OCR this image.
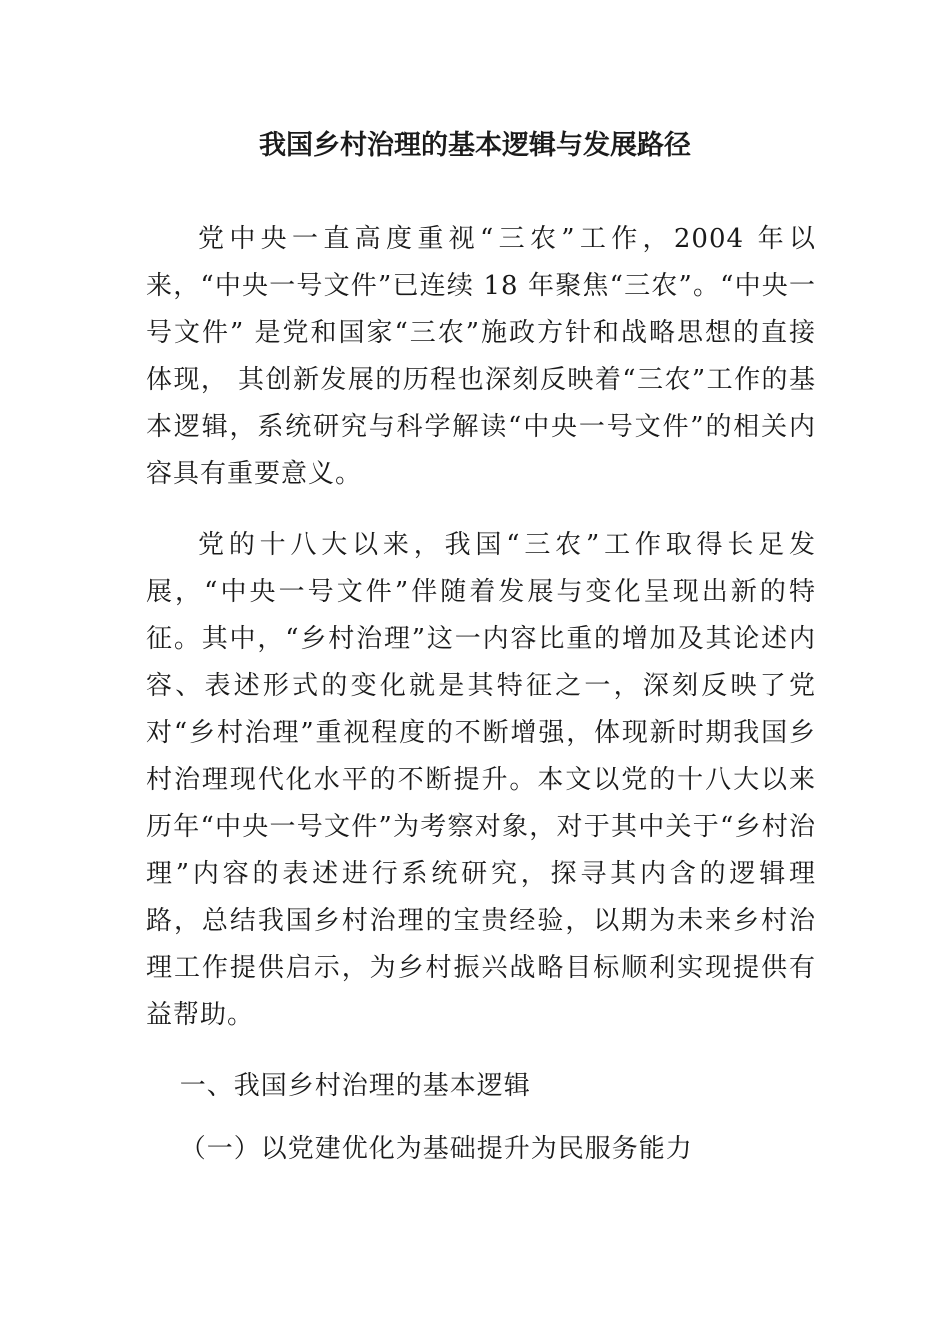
我国乡村治理的基本逻辑与发展路径

党中央一直高度重视“三农”工作，2004 年以来，“中央一号文件”已连续 18 年聚焦“三农”。“中央一号文件” 是党和国家“三农”施政方针和战略思想的直接体现， 其创新发展的历程也深刻反映着“三农”工作的基本逻辑，系统研究与科学解读“中央一号文件”的相关内容具有重要意义。

党的十八大以来，我国“三农”工作取得长足发展，“中央一号文件”伴随着发展与变化呈现出新的特征。其中，“乡村治理”这一内容比重的增加及其论述内容、表述形式的变化就是其特征之一，深刻反映了党对“乡村治理”重视程度的不断增强，体现新时期我国乡村治理现代化水平的不断提升。本文以党的十八大以来历年“中央一号文件”为考察对象，对于其中关于“乡村治理”内容的表述进行系统研究，探寻其内含的逻辑理 路，总结我国乡村治理的宝贵经验，以期为未来乡村治理工作提供启示，为乡村振兴战略目标顺利实现提供有益帮助。

一、我国乡村治理的基本逻辑

（一）以党建优化为基础提升为民服务能力
